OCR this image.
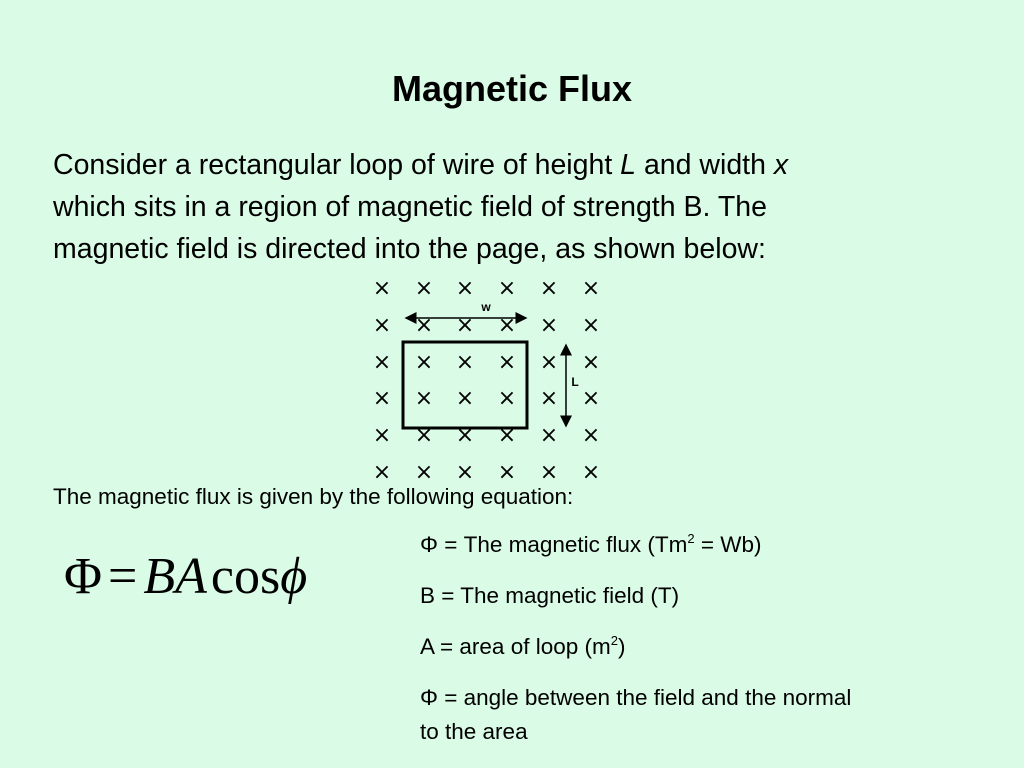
Magnetic Flux

Consider a rectangular loop of wire of height L and width x

which sits in a region of magnetic field of strength B. The

magnetic field is directed into the page, as shown below:

× × × × × ×
× × × × × ×
× × × × × ×
× × × × × ×
× × × × × ×
× × × × × ×
w
L
The magnetic flux is given by the following equation:
Φ = BAcosϕ
Φ = The magnetic flux $(Tm^2 = Wb)$
B = The magnetic field (T)
A = area of loop $(m^2)$
Φ = angle between the field and the normal
to the area
